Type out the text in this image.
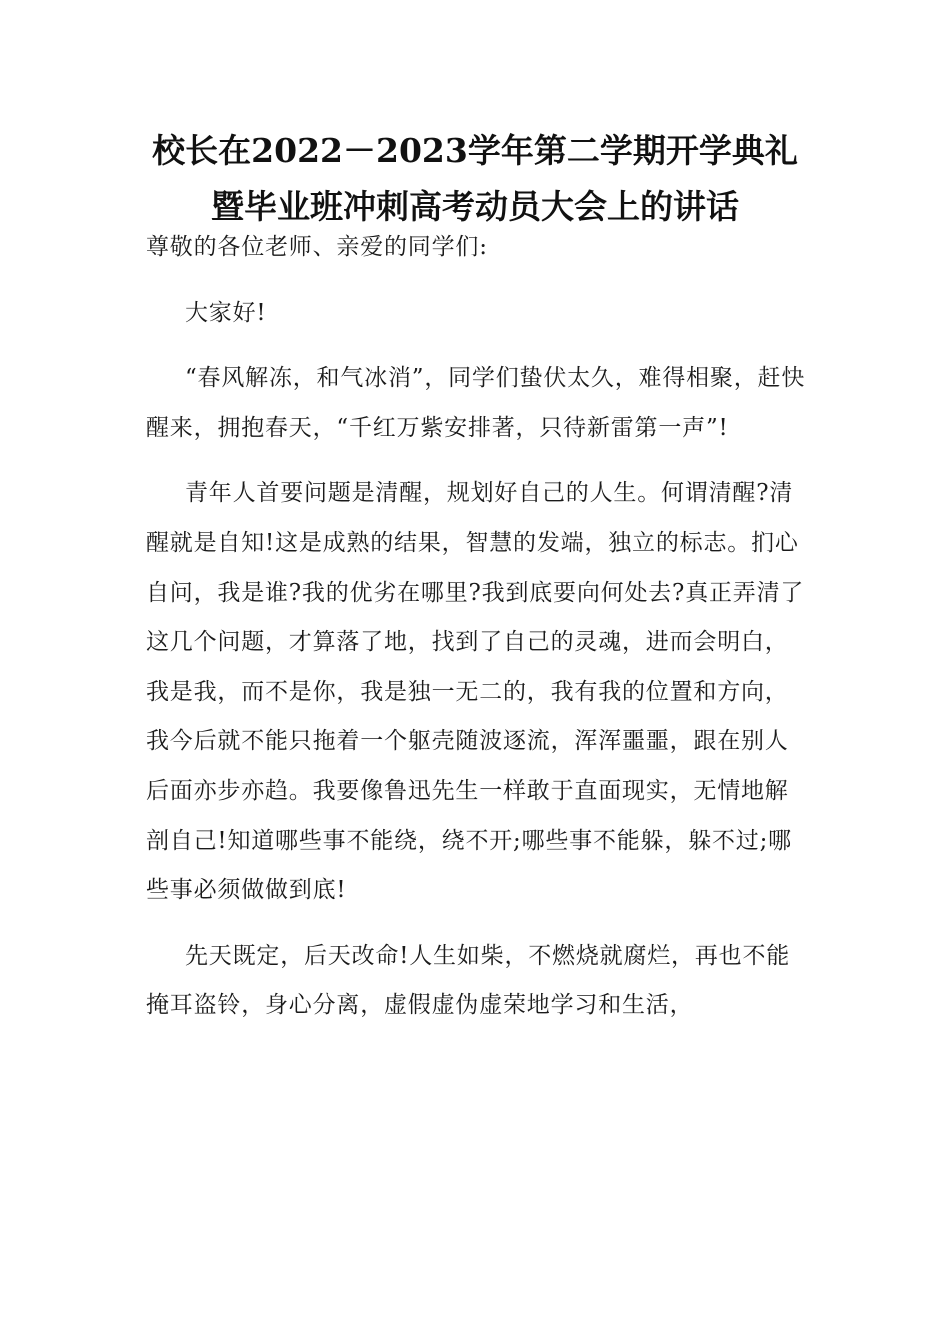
校长在2022－2023学年第二学期开学典礼
暨毕业班冲刺高考动员大会上的讲话

尊敬的各位老师、亲爱的同学们:

大家好!

“春风解冻，和气冰消”，同学们蛰伏太久，难得相聚，赶快醒来，拥抱春天，“千红万紫安排著，只待新雷第一声”!

青年人首要问题是清醒，规划好自己的人生。何谓清醒?清醒就是自知!这是成熟的结果，智慧的发端，独立的标志。扪心自问，我是谁?我的优劣在哪里?我到底要向何处去?真正弄清了这几个问题，才算落了地，找到了自己的灵魂，进而会明白，我是我，而不是你，我是独一无二的，我有我的位置和方向，我今后就不能只拖着一个躯壳随波逐流，浑浑噩噩，跟在别人后面亦步亦趋。我要像鲁迅先生一样敢于直面现实，无情地解剖自己!知道哪些事不能绕，绕不开;哪些事不能躲，躲不过;哪些事必须做做到底!

先天既定，后天改命!人生如柴，不燃烧就腐烂，再也不能掩耳盗铃，身心分离，虚假虚伪虚荣地学习和生活，
